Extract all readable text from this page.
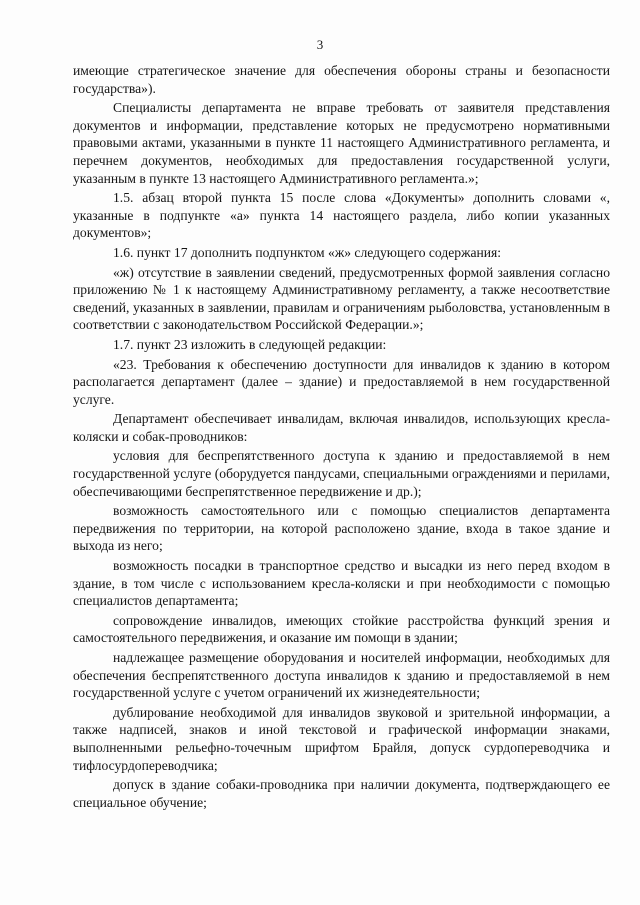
3

имеющие стратегическое значение для обеспечения обороны страны и безопасности государства»).

Специалисты департамента не вправе требовать от заявителя представления документов и информации, представление которых не предусмотрено нормативными правовыми актами, указанными в пункте 11 настоящего Административного регламента, и перечнем документов, необходимых для предоставления государственной услуги, указанным в пункте 13 настоящего Административного регламента.»;

1.5. абзац второй пункта 15 после слова «Документы» дополнить словами «, указанные в подпункте «а» пункта 14 настоящего раздела, либо копии указанных документов»;

1.6. пункт 17 дополнить подпунктом «ж» следующего содержания:

«ж) отсутствие в заявлении сведений, предусмотренных формой заявления согласно приложению № 1 к настоящему Административному регламенту, а также несоответствие сведений, указанных в заявлении, правилам и ограничениям рыболовства, установленным в соответствии с законодательством Российской Федерации.»;

1.7. пункт 23 изложить в следующей редакции:

«23. Требования к обеспечению доступности для инвалидов к зданию в котором располагается департамент (далее – здание) и предоставляемой в нем государственной услуге.

Департамент обеспечивает инвалидам, включая инвалидов, использующих кресла-коляски и собак-проводников:

условия для беспрепятственного доступа к зданию и предоставляемой в нем государственной услуге (оборудуется пандусами, специальными ограждениями и перилами, обеспечивающими беспрепятственное передвижение и др.);

возможность самостоятельного или с помощью специалистов департамента передвижения по территории, на которой расположено здание, входа в такое здание и выхода из него;

возможность посадки в транспортное средство и высадки из него перед входом в здание, в том числе с использованием кресла-коляски и при необходимости с помощью специалистов департамента;

сопровождение инвалидов, имеющих стойкие расстройства функций зрения и самостоятельного передвижения, и оказание им помощи в здании;

надлежащее размещение оборудования и носителей информации, необходимых для обеспечения беспрепятственного доступа инвалидов к зданию и предоставляемой в нем государственной услуге с учетом ограничений их жизнедеятельности;

дублирование необходимой для инвалидов звуковой и зрительной информации, а также надписей, знаков и иной текстовой и графической информации знаками, выполненными рельефно-точечным шрифтом Брайля, допуск сурдопереводчика и тифлосурдопереводчика;

допуск в здание собаки-проводника при наличии документа, подтверждающего ее специальное обучение;
